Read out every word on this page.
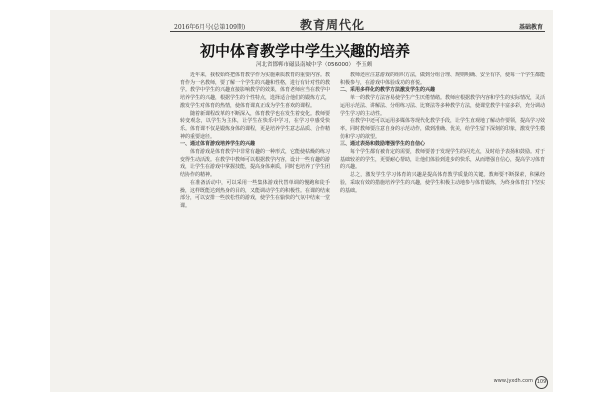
2016年6月号(总第109期)	教育周代化	基础教育
初中体育教学中学生兴趣的培养
河北省邯郸市磁县南城中学（056000） 李玉颇

近年来，我校始终把体育教学作为实施素质教育的重要内容。教育作为一名教师，要了解一个学生的兴趣和性格，进行有针对性的教学。教学中学生的兴趣直接影响教学的效果，体育老师应当在教学中培养学生的兴趣，根据学生的个性特点，选择适合他们的锻炼方式，激发学生对体育的热情，使体育课真正成为学生喜欢的课程。

随着新课程改革的不断深入，体育教学也在发生着变化。教师要转变观念，以学生为主体，让学生在快乐中学习，在学习中感受快乐。体育课不仅是锻炼身体的课程，更是培养学生意志品质、合作精神的重要途径。

一、通过体育游戏培养学生的兴趣

体育游戏是体育教学中非常有趣的一种形式，它能使枯燥的练习变得生动活泼。在教学中教师可以根据教学内容，设计一些有趣的游戏，让学生在游戏中掌握技能，提高身体素质，同时也培养了学生团结协作的精神。

在准备活动中，可以采用一些集体游戏代替单调的慢跑和徒手操，这样既能达到热身的目的，又能调动学生的积极性。在课的结束部分，可以安排一些放松性的游戏，使学生在愉快的气氛中结束一堂课。

教师还应注意游戏的组织方法，做到分组合理、规则明确、安全有序，使每一个学生都能积极参与，在游戏中体验成功的喜悦。

二、采用多样化的教学方法激发学生的兴趣

单一的教学方法容易使学生产生厌倦情绪。教师应根据教学内容和学生的实际情况，灵活运用示范法、讲解法、分组练习法、比赛法等多种教学方法，使课堂教学丰富多彩，充分调动学生学习的主动性。

在教学中还可以运用多媒体等现代化教学手段，让学生直观地了解动作要领，提高学习效率。同时教师要注意自身的示范动作，做到准确、优美，给学生留下深刻的印象，激发学生模仿和学习的欲望。

三、通过表扬和鼓励增强学生的自信心

每个学生都有被肯定的需要，教师要善于发现学生的闪光点，及时给予表扬和鼓励。对于基础较差的学生，更要耐心帮助，让他们体验到进步的快乐，从而增强自信心，提高学习体育的兴趣。

总之，激发学生学习体育的兴趣是提高体育教学质量的关键。教师要不断探索，积累经验，采取有效的措施培养学生的兴趣，使学生积极主动地参与体育锻炼，为终身体育打下坚实的基础。

www.jyxdh.com 109
